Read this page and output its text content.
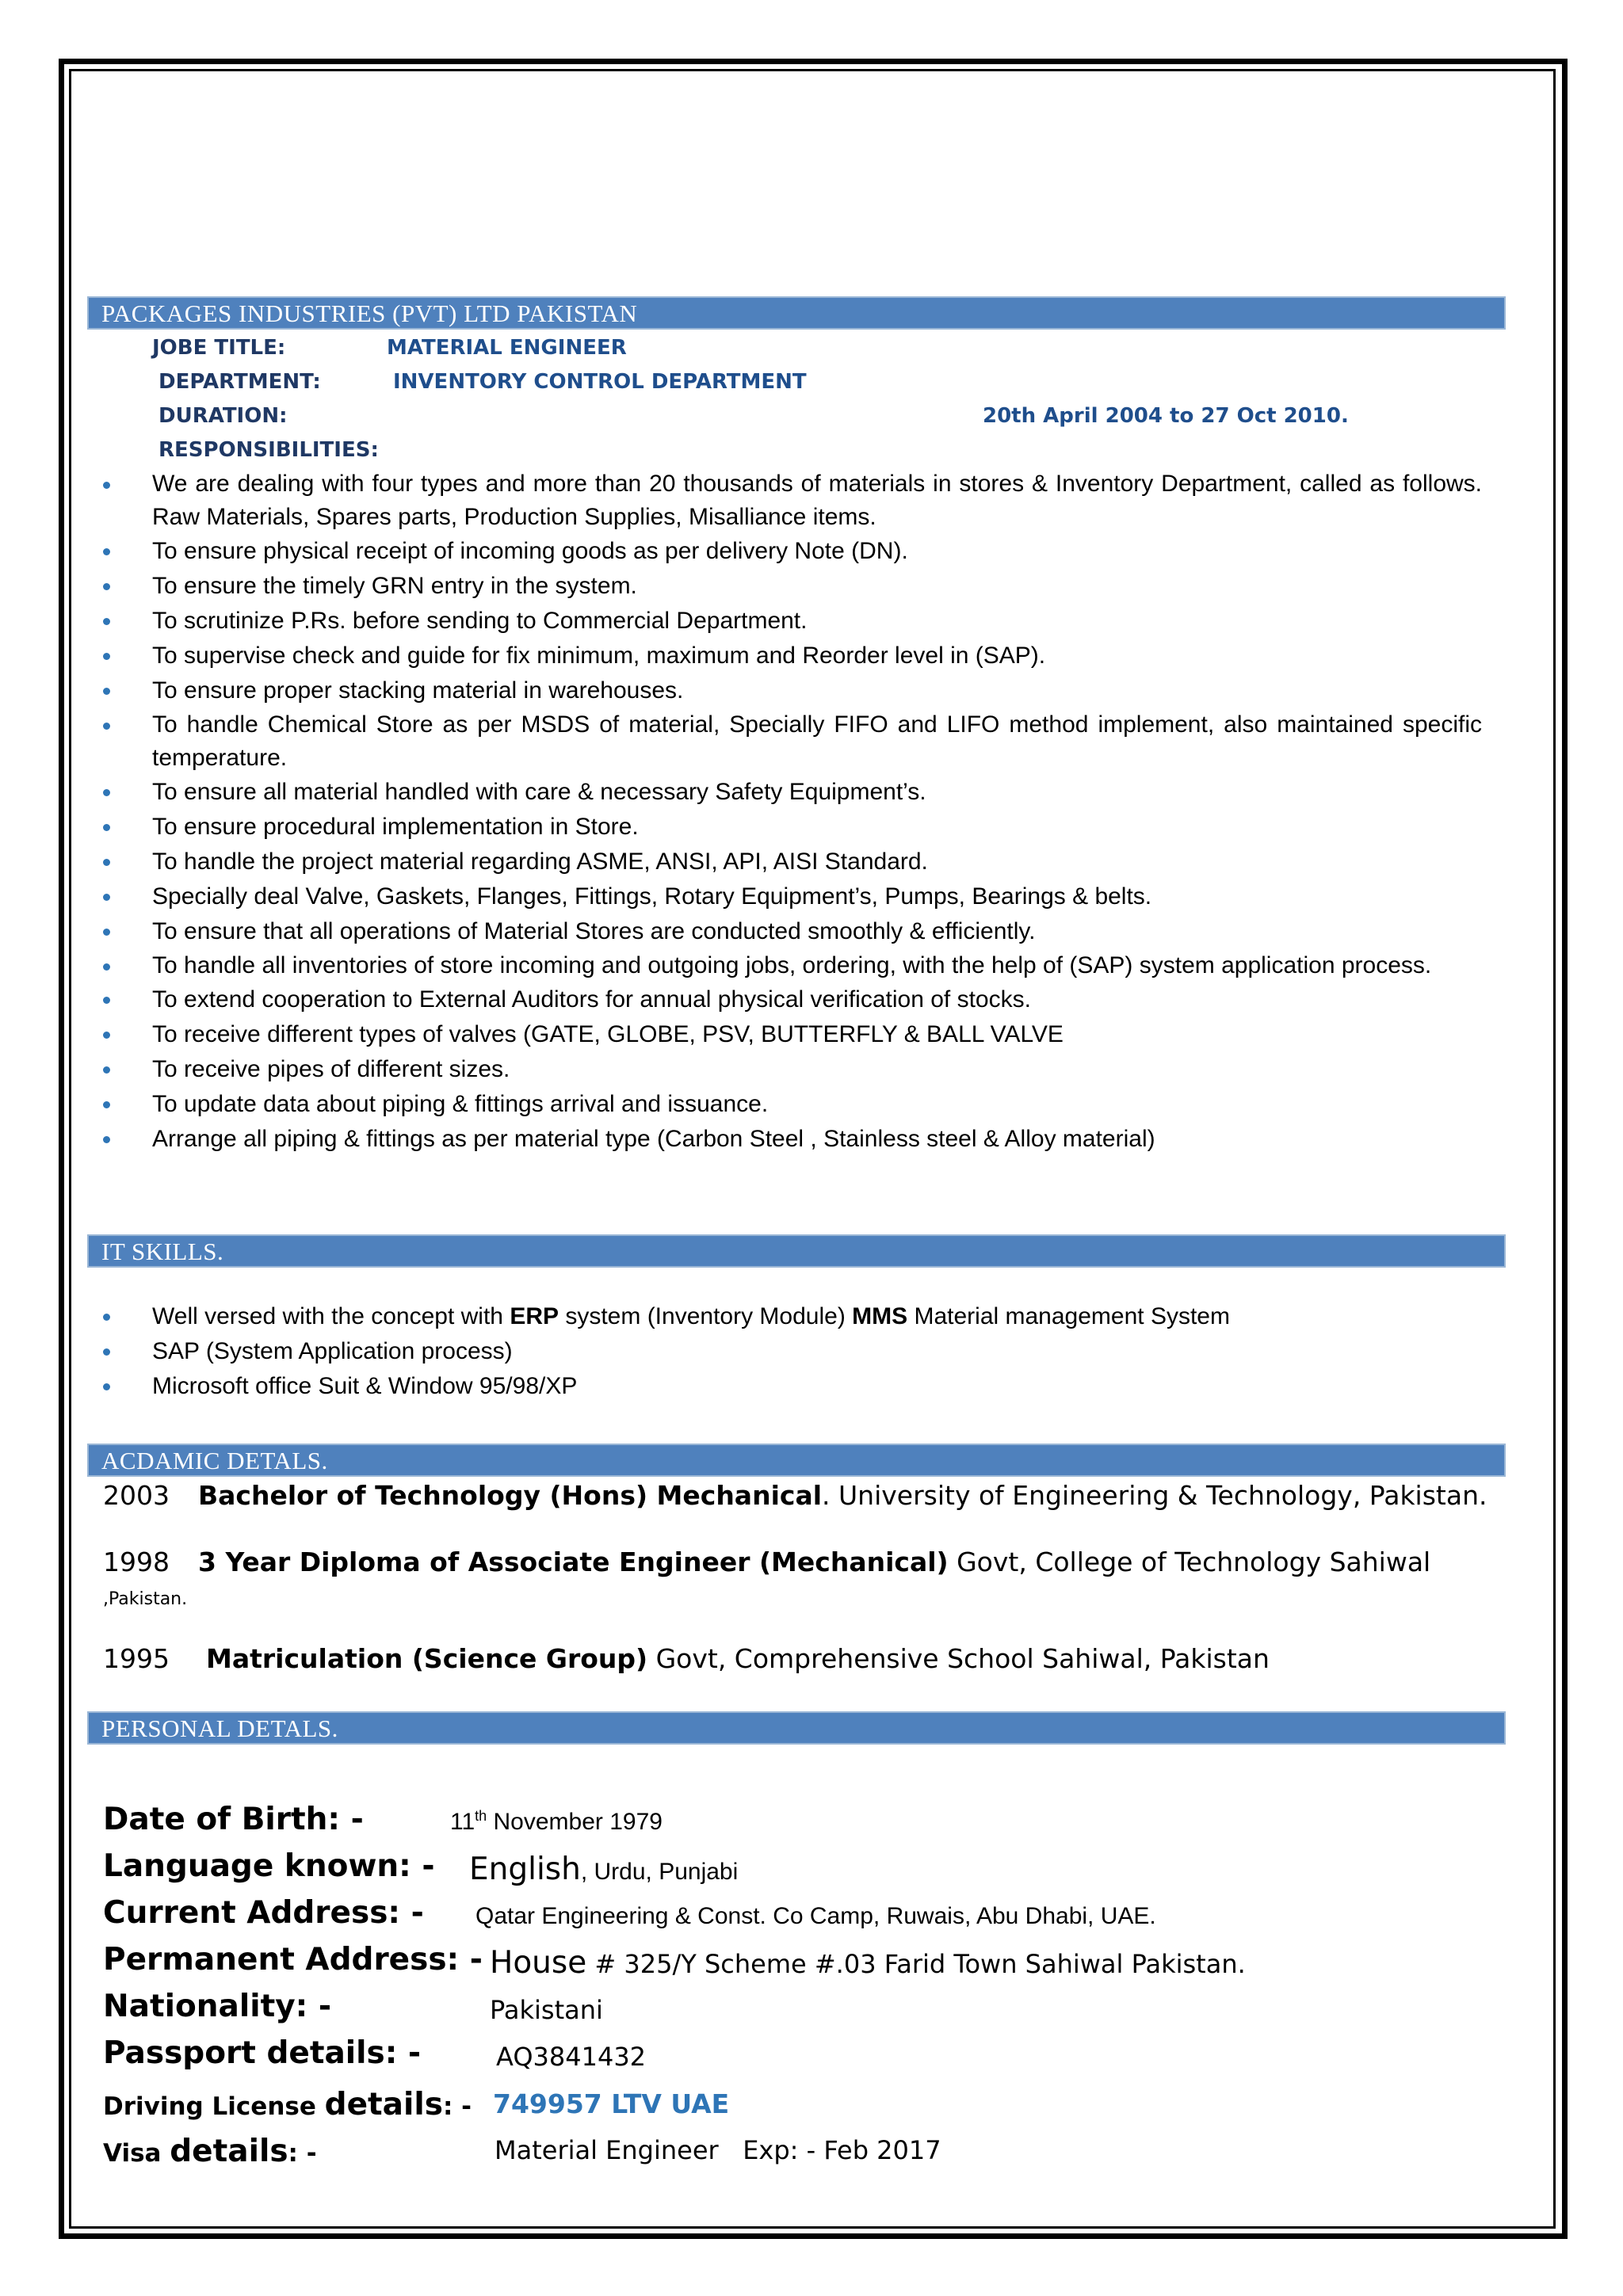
PACKAGES INDUSTRIES (PVT) LTD PAKISTAN
JOBE TITLE:	MATERIAL ENGINEER
DEPARTMENT:	INVENTORY CONTROL DEPARTMENT
DURATION:	20th April 2004 to 27 Oct 2010.
RESPONSIBILITIES:
We are dealing with four types and more than 20 thousands of materials in stores & Inventory Department, called as follows. Raw Materials, Spares parts, Production Supplies, Misalliance items.
To ensure physical receipt of incoming goods as per delivery Note (DN).
To ensure the timely GRN entry in the system.
To scrutinize P.Rs. before sending to Commercial Department.
To supervise check and guide for fix minimum, maximum and Reorder level in (SAP).
To ensure proper stacking material in warehouses.
To handle Chemical Store as per MSDS of material, Specially FIFO and LIFO method implement, also maintained specific temperature.
To ensure all material handled with care & necessary Safety Equipment’s.
To ensure procedural implementation in Store.
To handle the project material regarding ASME, ANSI, API, AISI Standard.
Specially deal Valve, Gaskets, Flanges, Fittings, Rotary Equipment’s, Pumps, Bearings & belts.
To ensure that all operations of Material Stores are conducted smoothly & efficiently.
To handle all inventories of store incoming and outgoing jobs, ordering, with the help of (SAP) system application process.
To extend cooperation to External Auditors for annual physical verification of stocks.
To receive different types of valves (GATE, GLOBE, PSV, BUTTERFLY & BALL VALVE
To receive pipes of different sizes.
To update data about piping & fittings arrival and issuance.
Arrange all piping & fittings as per material type (Carbon Steel , Stainless steel & Alloy material)
IT SKILLS.
Well versed with the concept with ERP system (Inventory Module) MMS Material management System
SAP (System Application process)
Microsoft office Suit & Window 95/98/XP
ACDAMIC DETALS.
2003 Bachelor of Technology (Hons) Mechanical. University of Engineering & Technology, Pakistan.
1998 3 Year Diploma of Associate Engineer (Mechanical) Govt, College of Technology Sahiwal
,Pakistan.
1995 Matriculation (Science Group) Govt, Comprehensive School Sahiwal, Pakistan
PERSONAL DETALS.
Date of Birth: -	11th November 1979
Language known: - English, Urdu, Punjabi
Current Address: - Qatar Engineering & Const. Co Camp, Ruwais, Abu Dhabi, UAE.
Permanent Address: - House # 325/Y Scheme #.03 Farid Town Sahiwal Pakistan.
Nationality: -	Pakistani
Passport details: -	AQ3841432
Driving License details: - 749957 LTV UAE
Visa details: -	Material Engineer   Exp: - Feb 2017
